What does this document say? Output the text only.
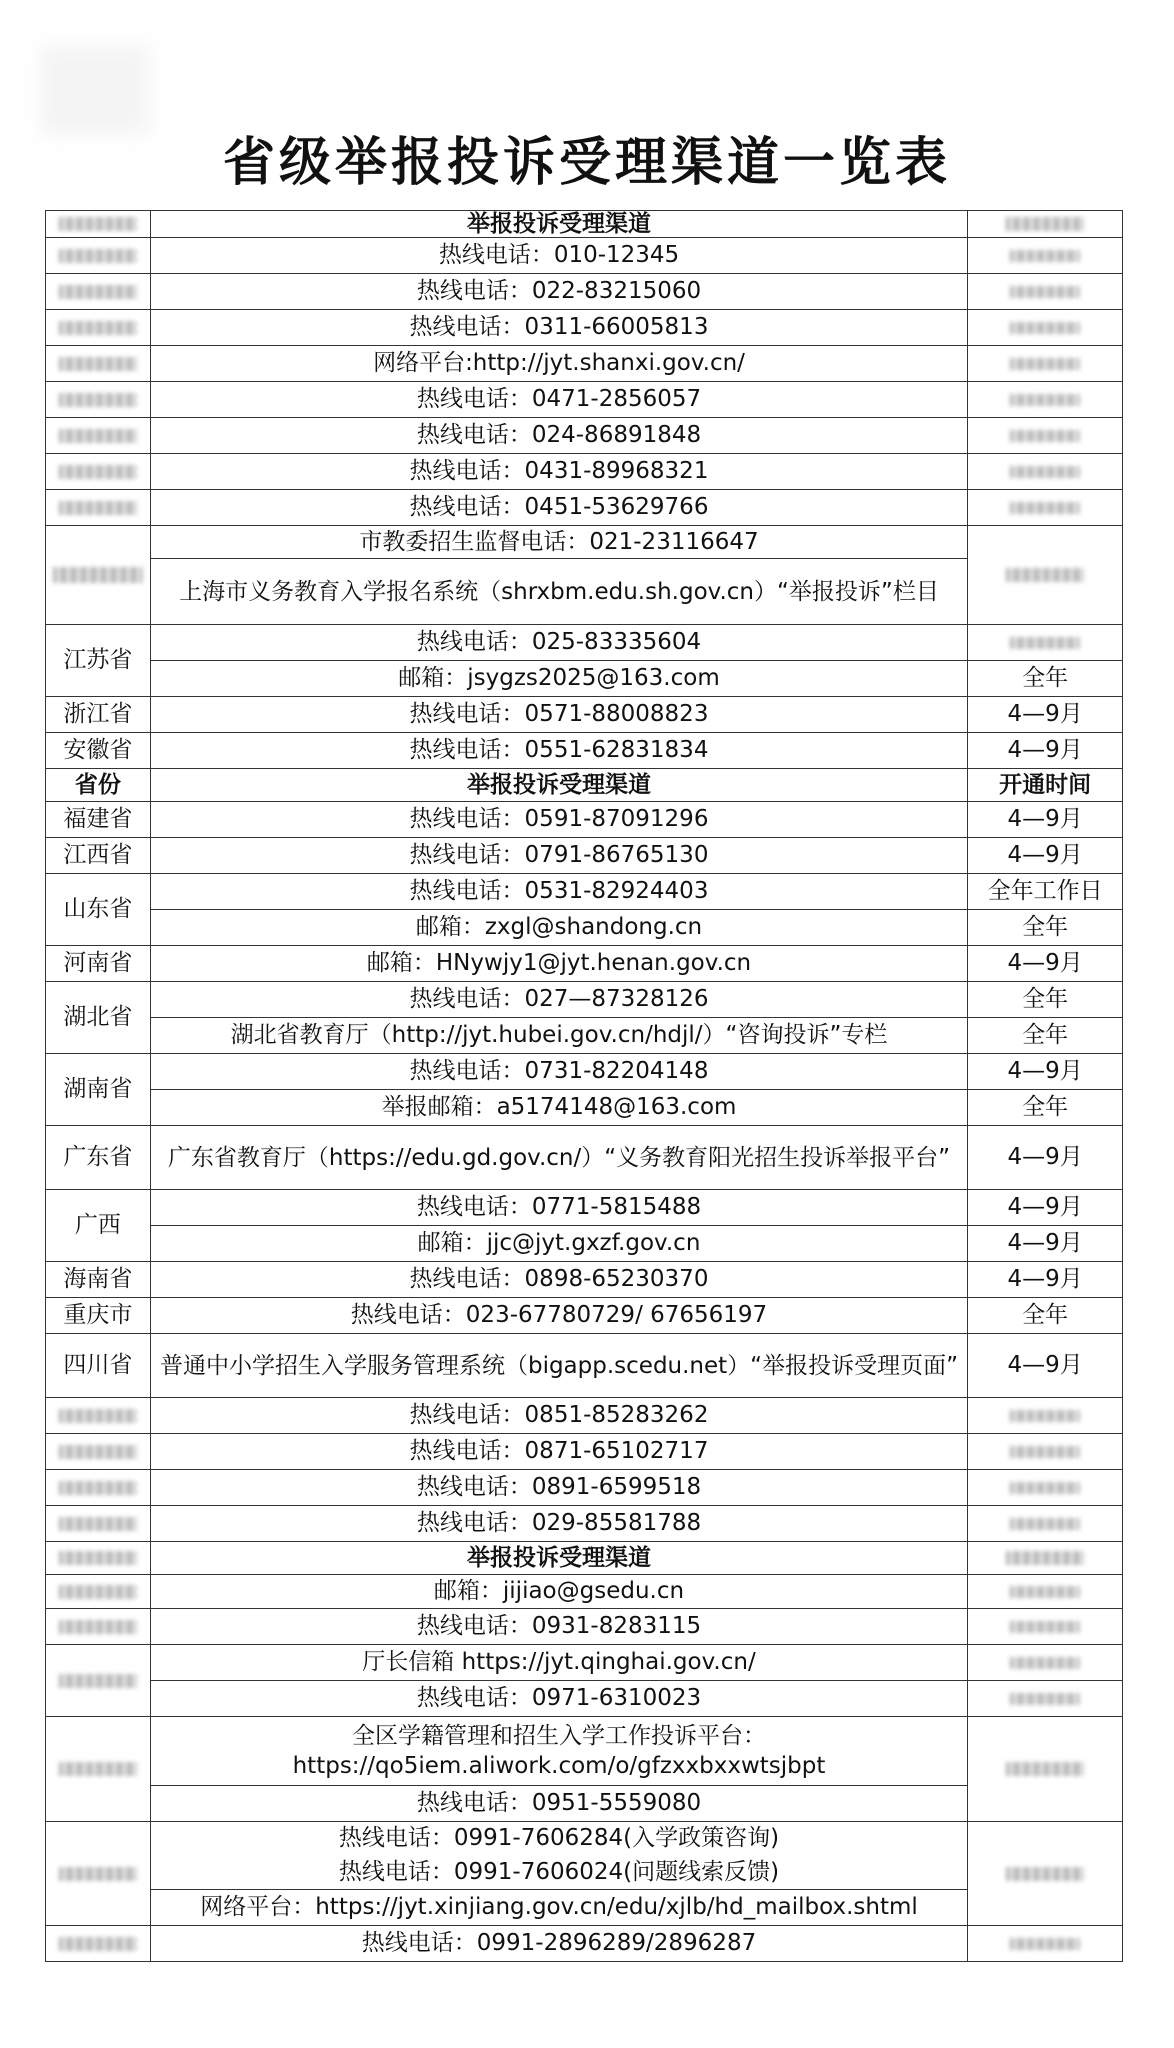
省级举报投诉受理渠道一览表
	举报投诉受理渠道	
	热线电话：010-12345	
	热线电话：022-83215060	
	热线电话：0311-66005813	
	网络平台:http://jyt.shanxi.gov.cn/	
	热线电话：0471-2856057	
	热线电话：024-86891848	
	热线电话：0431-89968321	
	热线电话：0451-53629766	
	市教委招生监督电话：021-23116647	
	上海市义务教育入学报名系统（shrxbm.edu.sh.gov.cn）“举报投诉”栏目	
江苏省	热线电话：025-83335604	
	邮箱：jsygzs2025@163.com	全年
浙江省	热线电话：0571-88008823	4—9月
安徽省	热线电话：0551-62831834	4—9月
省份	举报投诉受理渠道	开通时间
福建省	热线电话：0591-87091296	4—9月
江西省	热线电话：0791-86765130	4—9月
山东省	热线电话：0531-82924403	全年工作日
	邮箱：zxgl@shandong.cn	全年
河南省	邮箱：HNywjy1@jyt.henan.gov.cn	4—9月
湖北省	热线电话：027—87328126	全年
	湖北省教育厅（http://jyt.hubei.gov.cn/hdjl/）“咨询投诉”专栏	全年
湖南省	热线电话：0731-82204148	4—9月
	举报邮箱：a5174148@163.com	全年
广东省	广东省教育厅（https://edu.gd.gov.cn/）“义务教育阳光招生投诉举报平台”	4—9月
广西	热线电话：0771-5815488	4—9月
	邮箱：jjc@jyt.gxzf.gov.cn	4—9月
海南省	热线电话：0898-65230370	4—9月
重庆市	热线电话：023-67780729/ 67656197	全年
四川省	普通中小学招生入学服务管理系统（bigapp.scedu.net）“举报投诉受理页面”	4—9月
	热线电话：0851-85283262	
	热线电话：0871-65102717	
	热线电话：0891-6599518	
	热线电话：029-85581788	
	举报投诉受理渠道	
	邮箱：jijiao@gsedu.cn	
	热线电话：0931-8283115	
	厅长信箱 https://jyt.qinghai.gov.cn/	
	热线电话：0971-6310023	
	全区学籍管理和招生入学工作投诉平台：https://qo5iem.aliwork.com/o/gfzxxbxxwtsjbpt	
	热线电话：0951-5559080	
	热线电话：0991-7606284(入学政策咨询)	
	热线电话：0991-7606024(问题线索反馈)	
	网络平台：https://jyt.xinjiang.gov.cn/edu/xjlb/hd_mailbox.shtml	
	热线电话：0991-2896289/2896287	
